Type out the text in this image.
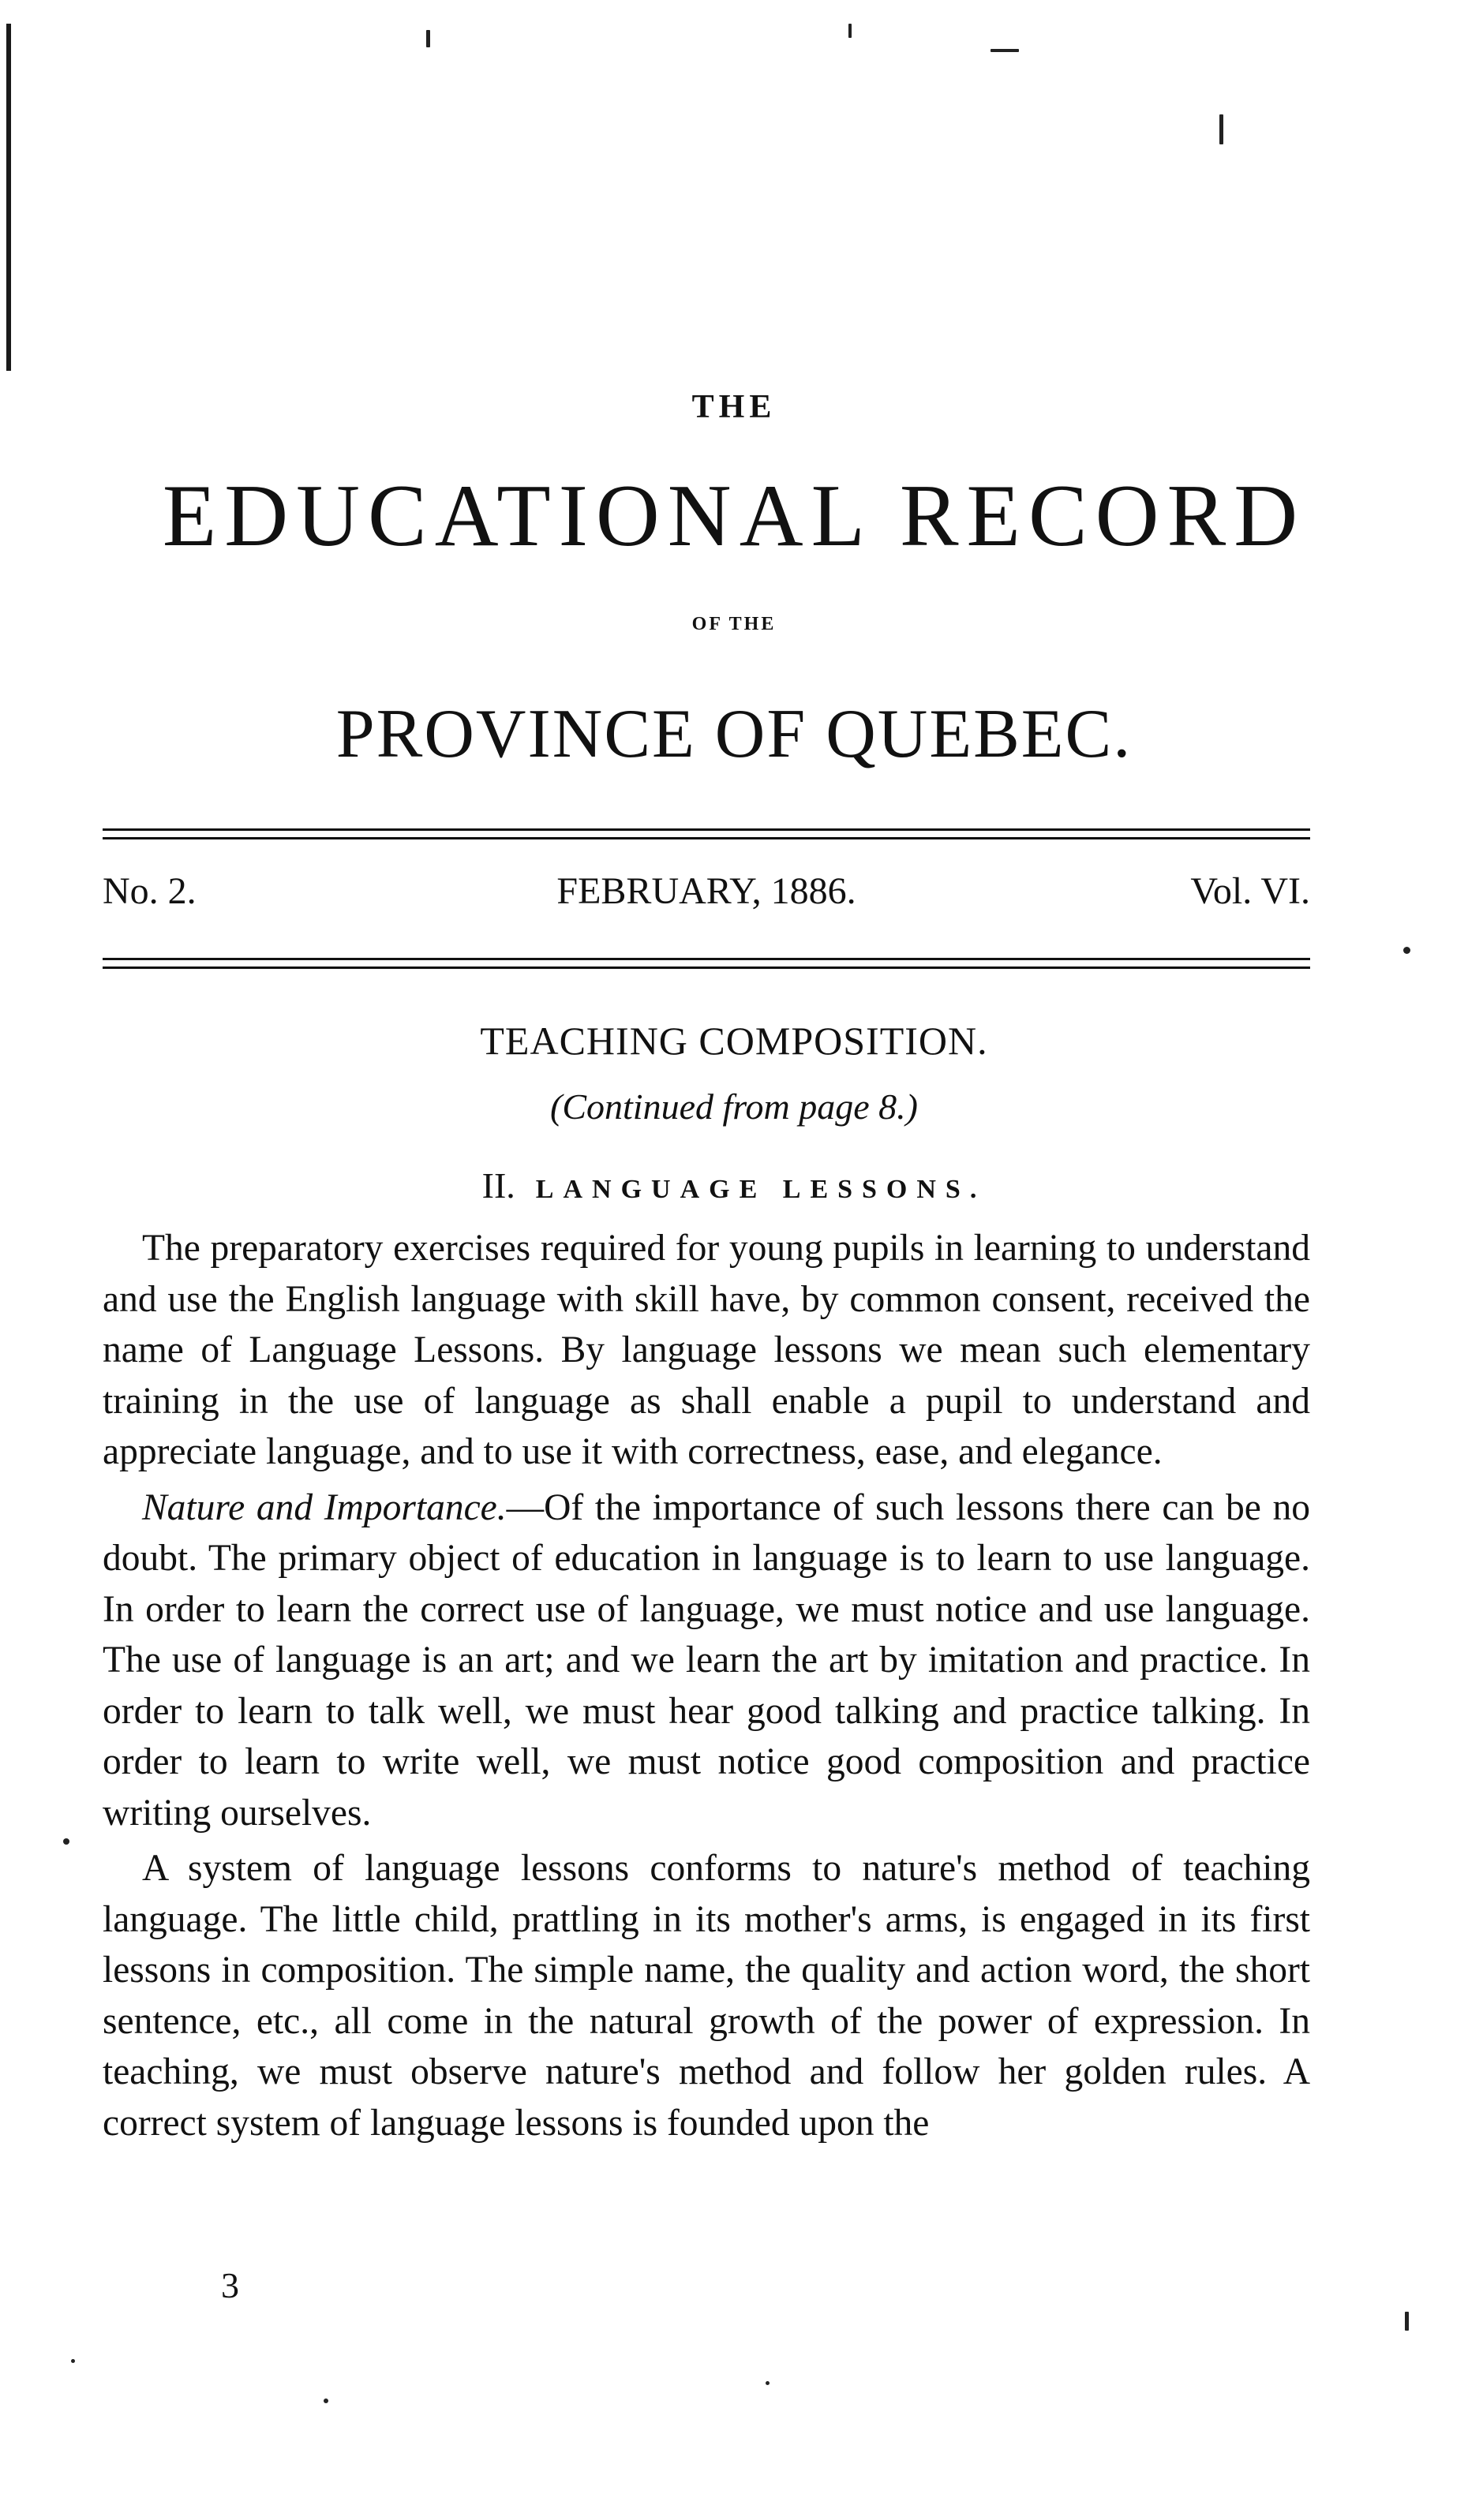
THE
EDUCATIONAL RECORD
OF THE
PROVINCE OF QUEBEC.
No. 2.	FEBRUARY, 1886.	Vol. VI.
TEACHING COMPOSITION.
(Continued from page 8.)
II. LANGUAGE LESSONS.

The preparatory exercises required for young pupils in learning to understand and use the English language with skill have, by common consent, received the name of Language Lessons. By language lessons we mean such elementary training in the use of language as shall enable a pupil to understand and appreciate language, and to use it with correctness, ease, and elegance.

Nature and Importance.—Of the importance of such lessons there can be no doubt. The primary object of education in language is to learn to use language. In order to learn the correct use of language, we must notice and use language. The use of language is an art; and we learn the art by imitation and practice. In order to learn to talk well, we must hear good talking and practice talking. In order to learn to write well, we must notice good composition and practice writing ourselves.

A system of language lessons conforms to nature's method of teaching language. The little child, prattling in its mother's arms, is engaged in its first lessons in composition. The simple name, the quality and action word, the short sentence, etc., all come in the natural growth of the power of expression. In teaching, we must observe nature's method and follow her golden rules. A correct system of language lessons is founded upon the

3
